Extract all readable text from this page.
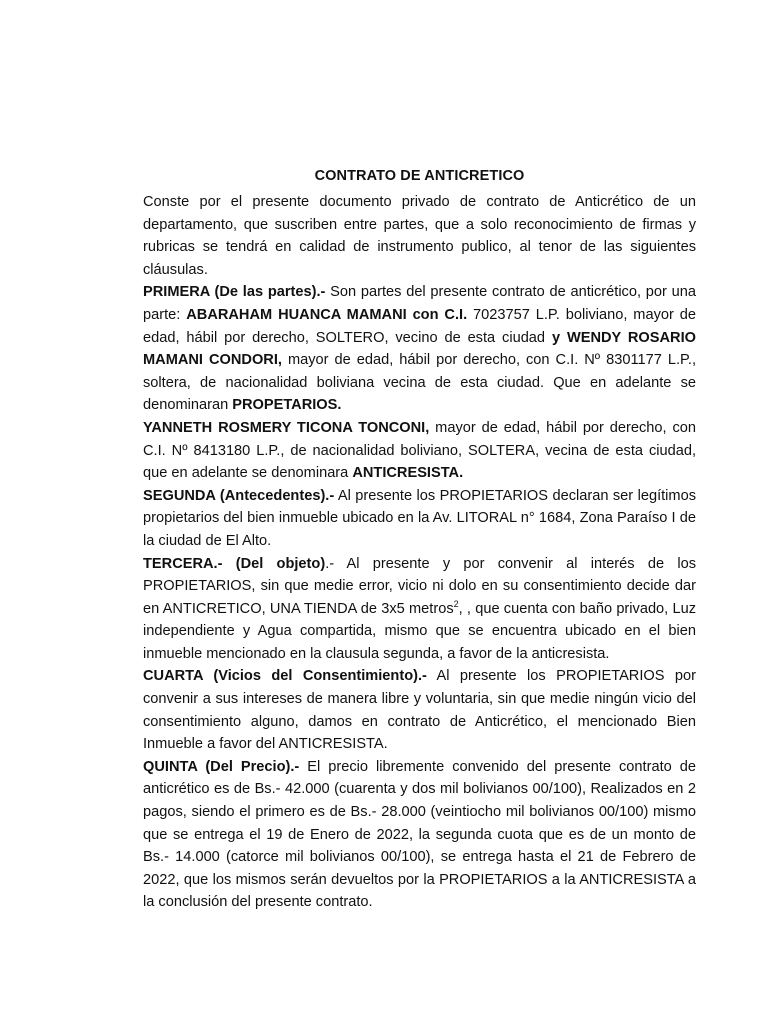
CONTRATO DE ANTICRETICO

Conste por el presente documento privado de contrato de Anticrético de un departamento, que suscriben entre partes, que a solo reconocimiento de firmas y rubricas se tendrá en calidad de instrumento publico, al tenor de las siguientes cláusulas.

PRIMERA (De las partes).- Son partes del presente contrato de anticrético, por una parte: ABARAHAM HUANCA MAMANI con C.I. 7023757 L.P. boliviano, mayor de edad, hábil por derecho, SOLTERO, vecino de esta ciudad y WENDY ROSARIO MAMANI CONDORI, mayor de edad, hábil por derecho, con C.I. Nº 8301177 L.P., soltera, de nacionalidad boliviana vecina de esta ciudad. Que en adelante se denominaran PROPETARIOS.

YANNETH ROSMERY TICONA TONCONI, mayor de edad, hábil por derecho, con C.I. Nº 8413180 L.P., de nacionalidad boliviano, SOLTERA, vecina de esta ciudad, que en adelante se denominara ANTICRESISTA.

SEGUNDA (Antecedentes).- Al presente los PROPIETARIOS declaran ser legítimos propietarios del bien inmueble ubicado en la Av. LITORAL n° 1684, Zona Paraíso I de la ciudad de El Alto.

TERCERA.- (Del objeto).- Al presente y por convenir al interés de los PROPIETARIOS, sin que medie error, vicio ni dolo en su consentimiento decide dar en ANTICRETICO, UNA TIENDA de 3x5 metros$^2$, , que cuenta con baño privado, Luz independiente y Agua compartida, mismo que se encuentra ubicado en el bien inmueble mencionado en la clausula segunda, a favor de la anticresista.

CUARTA (Vicios del Consentimiento).- Al presente los PROPIETARIOS por convenir a sus intereses de manera libre y voluntaria, sin que medie ningún vicio del consentimiento alguno, damos en contrato de Anticrético, el mencionado Bien Inmueble a favor del ANTICRESISTA.

QUINTA (Del Precio).- El precio libremente convenido del presente contrato de anticrético es de Bs.- 42.000 (cuarenta y dos mil bolivianos 00/100), Realizados en 2 pagos, siendo el primero es de Bs.- 28.000 (veintiocho mil bolivianos 00/100) mismo que se entrega el 19 de Enero de 2022, la segunda cuota que es de un monto de Bs.- 14.000 (catorce mil bolivianos 00/100), se entrega hasta el 21 de Febrero de 2022, que los mismos serán devueltos por la PROPIETARIOS a la ANTICRESISTA a la conclusión del presente contrato.
